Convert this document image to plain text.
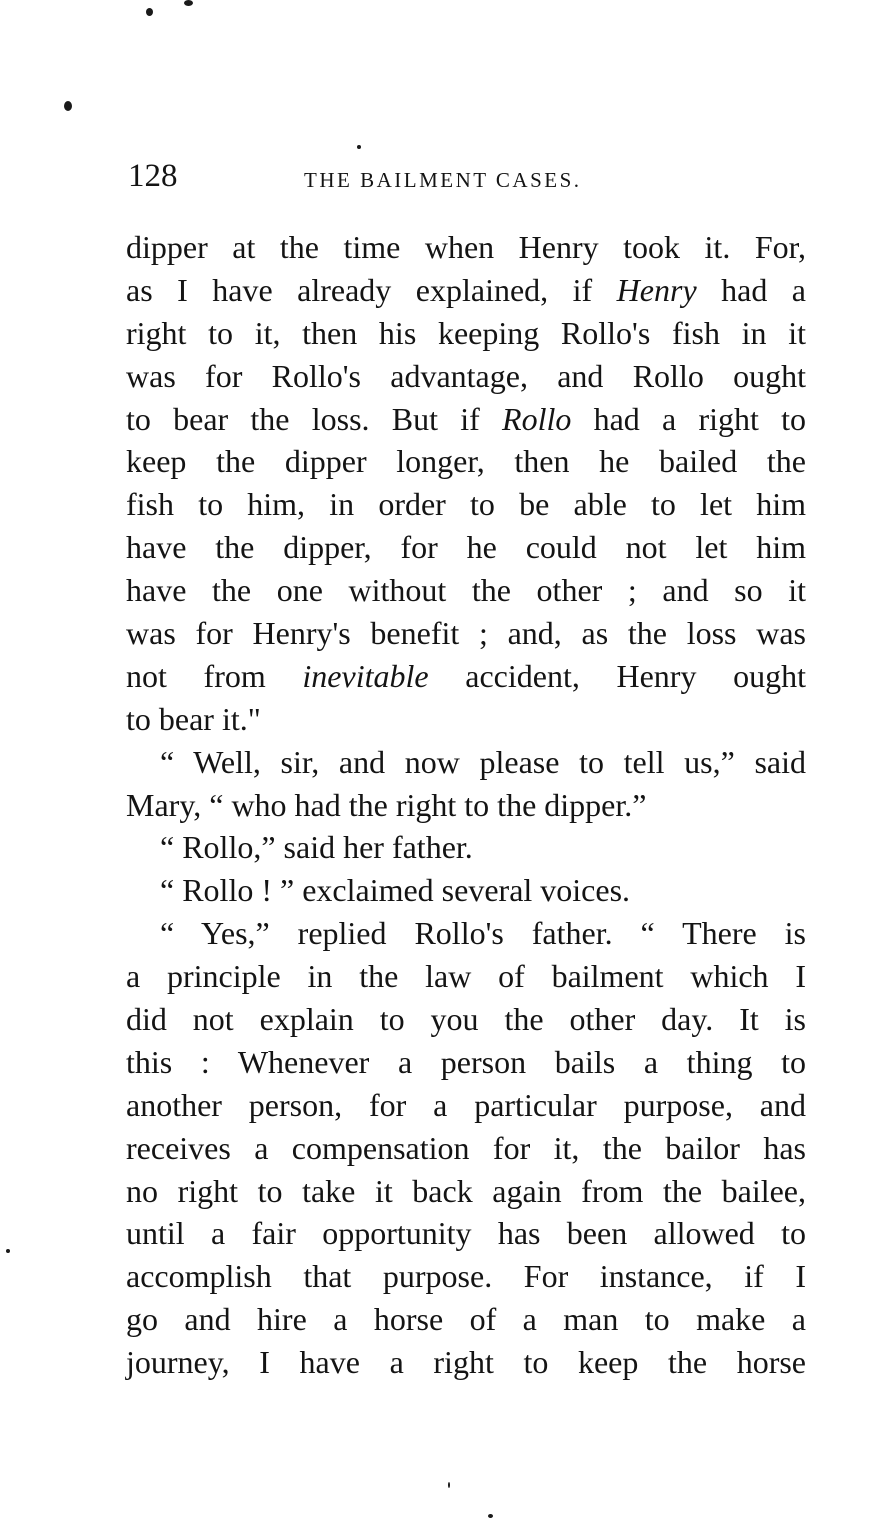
128	THE BAILMENT CASES.
dipper at the time when Henry took it. For,
as I have already explained, if Henry had a
right to it, then his keeping Rollo's fish in it
was for Rollo's advantage, and Rollo ought
to bear the loss. But if Rollo had a right to
keep the dipper longer, then he bailed the
fish to him, in order to be able to let him
have the dipper, for he could not let him
have the one without the other ; and so it
was for Henry's benefit ; and, as the loss was
not from inevitable accident, Henry ought
to bear it."
“ Well, sir, and now please to tell us,” said
Mary, “ who had the right to the dipper.”
“ Rollo,” said her father.
“ Rollo ! ” exclaimed several voices.
“ Yes,” replied Rollo's father. “ There is
a principle in the law of bailment which I
did not explain to you the other day. It is
this : Whenever a person bails a thing to
another person, for a particular purpose, and
receives a compensation for it, the bailor has
no right to take it back again from the bailee,
until a fair opportunity has been allowed to
accomplish that purpose. For instance, if I
go and hire a horse of a man to make a
journey, I have a right to keep the horse
